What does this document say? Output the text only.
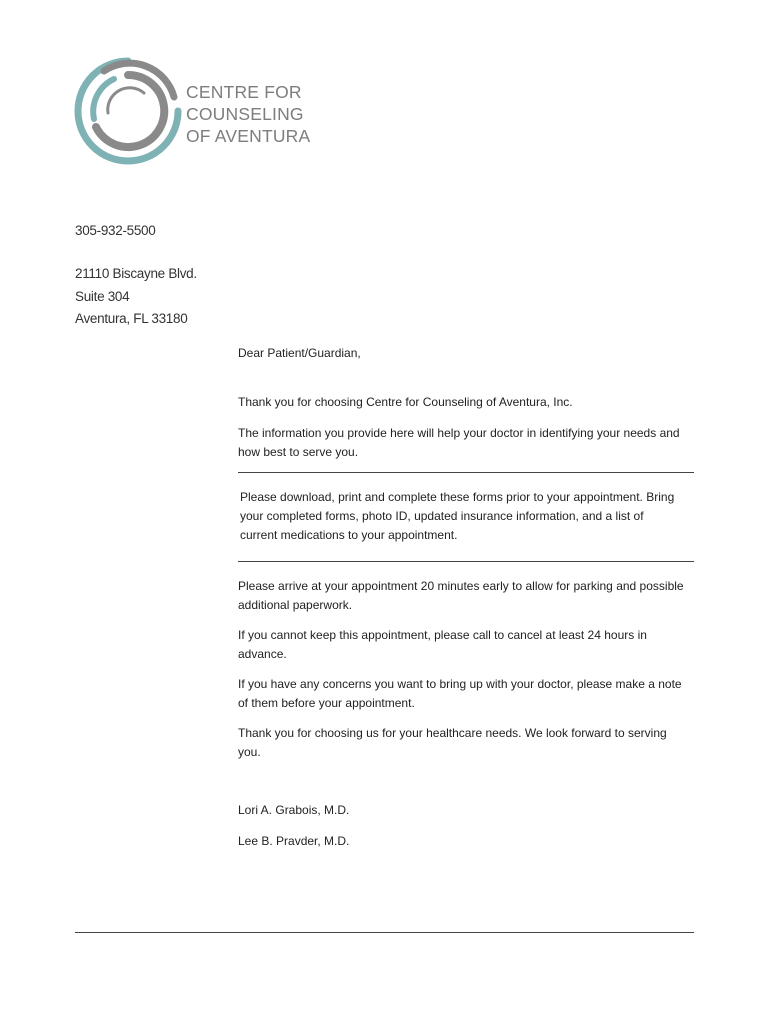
CENTRE FOR
COUNSELING
OF AVENTURA
305-932-5500
21110 Biscayne Blvd.
Suite 304
Aventura, FL 33180

Dear Patient/Guardian,

Thank you for choosing Centre for Counseling of Aventura, Inc.

The information you provide here will help your doctor in identifying your needs and how best to serve you.

Please download, print and complete these forms prior to your appointment. Bring your completed forms, photo ID, updated insurance information, and a list of current medications to your appointment.

Please arrive at your appointment 20 minutes early to allow for parking and possible additional paperwork.

If you cannot keep this appointment, please call to cancel at least 24 hours in advance.

If you have any concerns you want to bring up with your doctor, please make a note of them before your appointment.

Thank you for choosing us for your healthcare needs. We look forward to serving you.

Lori A. Grabois, M.D.

Lee B. Pravder, M.D.
